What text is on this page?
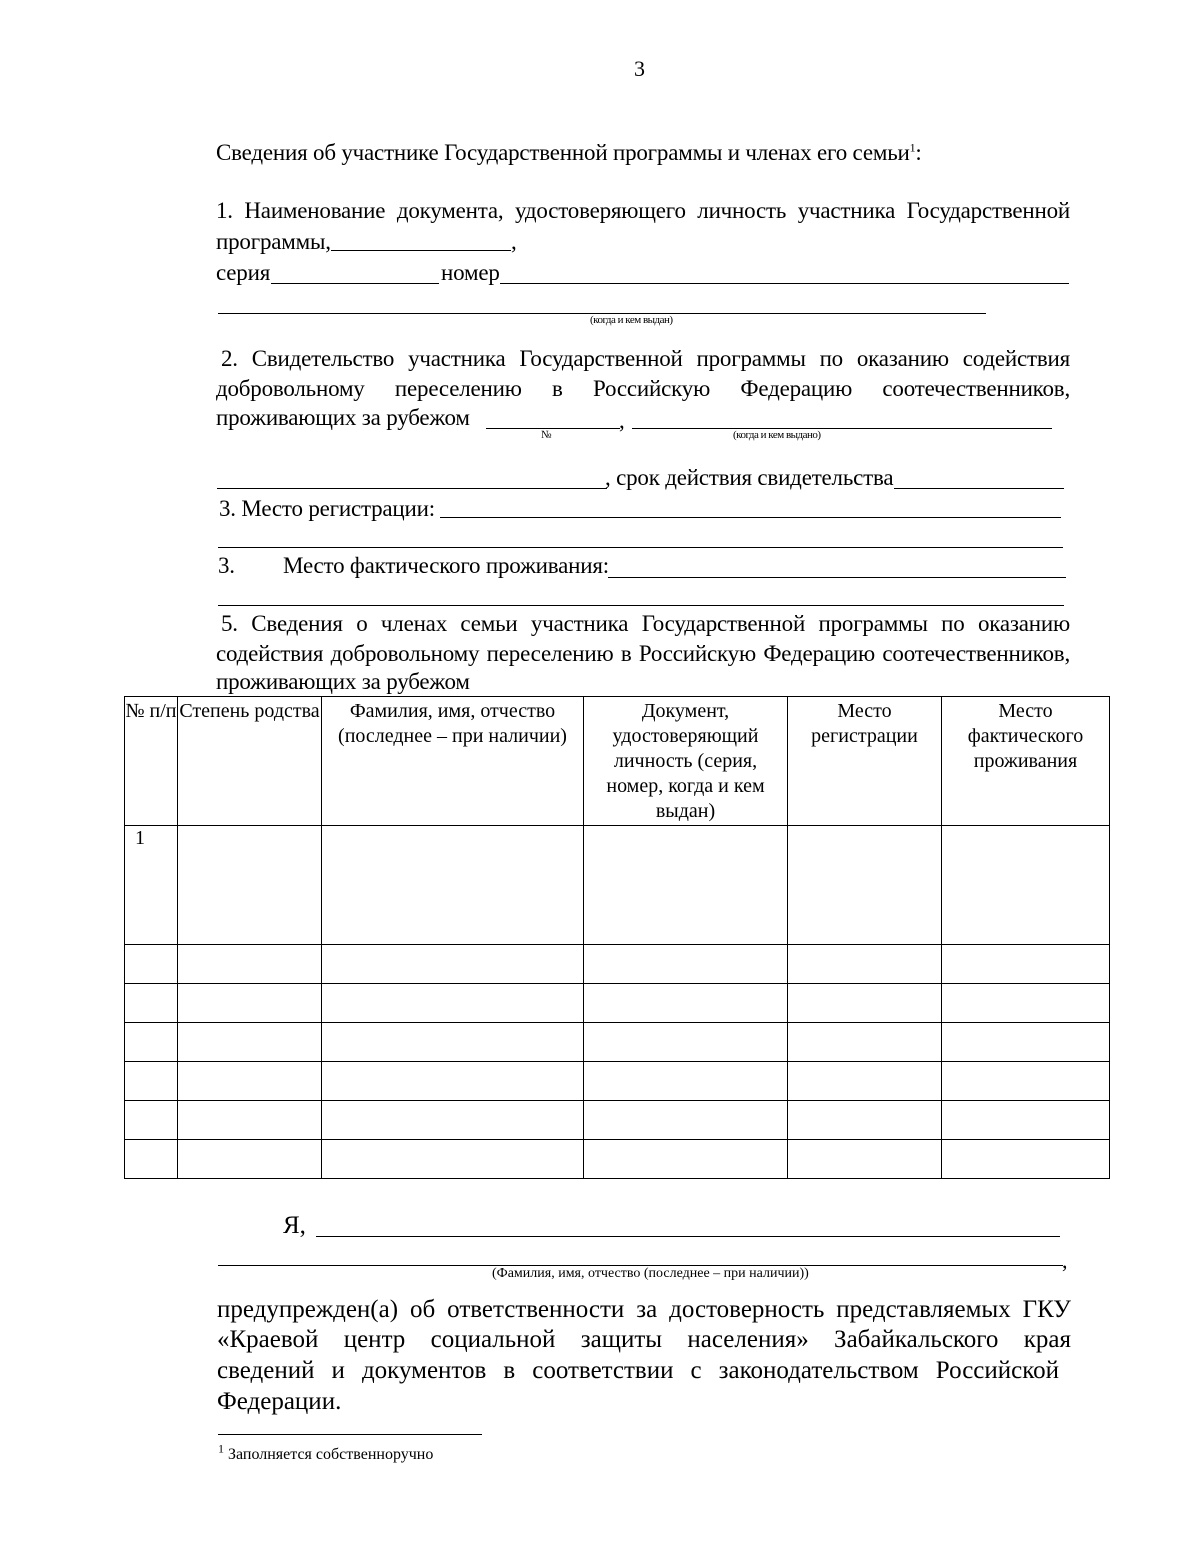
3
Сведения об участнике Государственной программы и членах его семьи$^1$:
1. Наименование документа, удостоверяющего личность участника Государственной
программы,	,
серия	номер
(когда и кем выдан)
2. Свидетельство участника Государственной программы по оказанию содействия
добровольному переселению в Российскую Федерацию соотечественников,
проживающих за рубежом	,
№	(когда и кем выдано)
, срок действия свидетельства
3. Место регистрации:
3. Место фактического проживания:
5. Сведения о членах семьи участника Государственной программы по оказанию
содействия добровольному переселению в Российскую Федерацию соотечественников,
проживающих за рубежом
№ п/п	Степень родства	Фамилия, имя, отчество (последнее – при наличии)	Документ, удостоверяющий личность (серия, номер, когда и кем выдан)	Место регистрации	Место фактического проживания
1					

Я,
,
(Фамилия, имя, отчество (последнее – при наличии))
предупрежден(а) об ответственности за достоверность представляемых ГКУ
«Краевой центр социальной защиты населения» Забайкальского края
сведений и документов в соответствии с законодательством Российской
Федерации.
$^1$ Заполняется собственноручно
